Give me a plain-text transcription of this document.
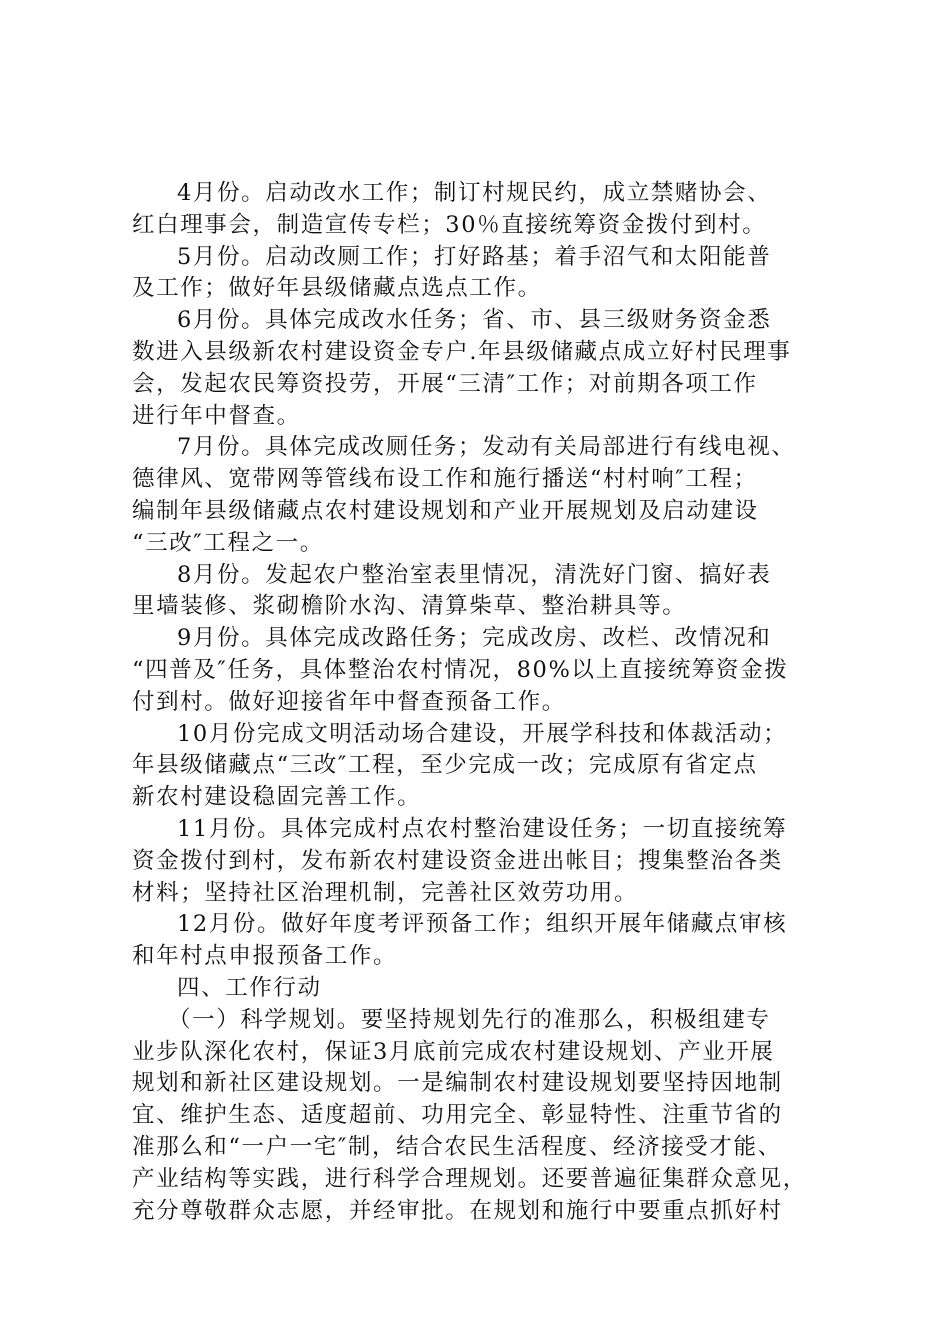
4月份。启动改水工作；制订村规民约，成立禁赌协会、
红白理事会，制造宣传专栏；30％直接统筹资金拨付到村。

5月份。启动改厕工作；打好路基；着手沼气和太阳能普
及工作；做好年县级储藏点选点工作。

6月份。具体完成改水任务；省、市、县三级财务资金悉
数进入县级新农村建设资金专户.年县级储藏点成立好村民理事
会，发起农民筹资投劳，开展“三清″工作；对前期各项工作
进行年中督查。

7月份。具体完成改厕任务；发动有关局部进行有线电视、
德律风、宽带网等管线布设工作和施行播送“村村响″工程；
编制年县级储藏点农村建设规划和产业开展规划及启动建设
“三改″工程之一。

8月份。发起农户整治室表里情况，清洗好门窗、搞好表
里墙装修、浆砌檐阶水沟、清算柴草、整治耕具等。

9月份。具体完成改路任务；完成改房、改栏、改情况和
“四普及″任务，具体整治农村情况，80%以上直接统筹资金拨
付到村。做好迎接省年中督查预备工作。

10月份完成文明活动场合建设，开展学科技和体裁活动；
年县级储藏点“三改″工程，至少完成一改；完成原有省定点
新农村建设稳固完善工作。

11月份。具体完成村点农村整治建设任务；一切直接统筹
资金拨付到村，发布新农村建设资金进出帐目；搜集整治各类
材料；坚持社区治理机制，完善社区效劳功用。

12月份。做好年度考评预备工作；组织开展年储藏点审核
和年村点申报预备工作。

四、工作行动

（一）科学规划。要坚持规划先行的准那么，积极组建专
业步队深化农村，保证3月底前完成农村建设规划、产业开展
规划和新社区建设规划。一是编制农村建设规划要坚持因地制
宜、维护生态、适度超前、功用完全、彰显特性、注重节省的
准那么和“一户一宅″制，结合农民生活程度、经济接受才能、
产业结构等实践，进行科学合理规划。还要普遍征集群众意见，
充分尊敬群众志愿，并经审批。在规划和施行中要重点抓好村
